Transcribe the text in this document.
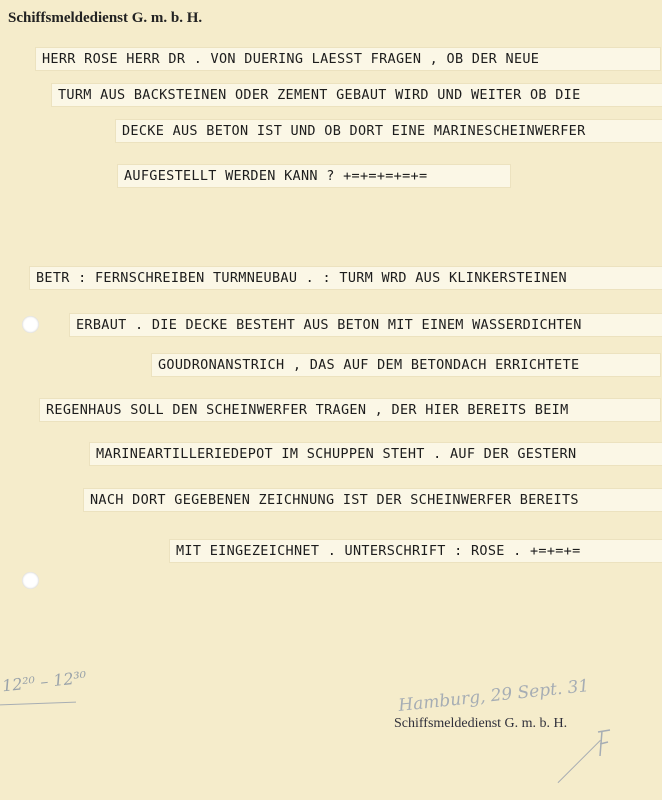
Schiffsmeldedienst G. m. b. H.
HERR ROSE HERR DR . VON DUERING LAESST FRAGEN , OB DER NEUE
TURM AUS BACKSTEINEN ODER ZEMENT GEBAUT WIRD UND WEITER OB DIE
DECKE AUS BETON IST UND OB DORT EINE MARINESCHEINWERFER
AUFGESTELLT WERDEN KANN ? +=+=+=+=+=
BETR : FERNSCHREIBEN TURMNEUBAU . : TURM WRD AUS KLINKERSTEINEN
ERBAUT . DIE DECKE BESTEHT AUS BETON MIT EINEM WASSERDICHTEN
GOUDRONANSTRICH , DAS AUF DEM BETONDACH ERRICHTETE
REGENHAUS SOLL DEN SCHEINWERFER TRAGEN , DER HIER BEREITS BEIM
MARINEARTILLERIEDEPOT IM SCHUPPEN STEHT . AUF DER GESTERN
NACH DORT GEGEBENEN ZEICHNUNG IST DER SCHEINWERFER BEREITS
MIT EINGEZEICHNET . UNTERSCHRIFT : ROSE . +=+=+=
12²⁰ – 12³⁰	Hamburg, 29 Sept. 31
Schiffsmeldedienst G. m. b. H.
